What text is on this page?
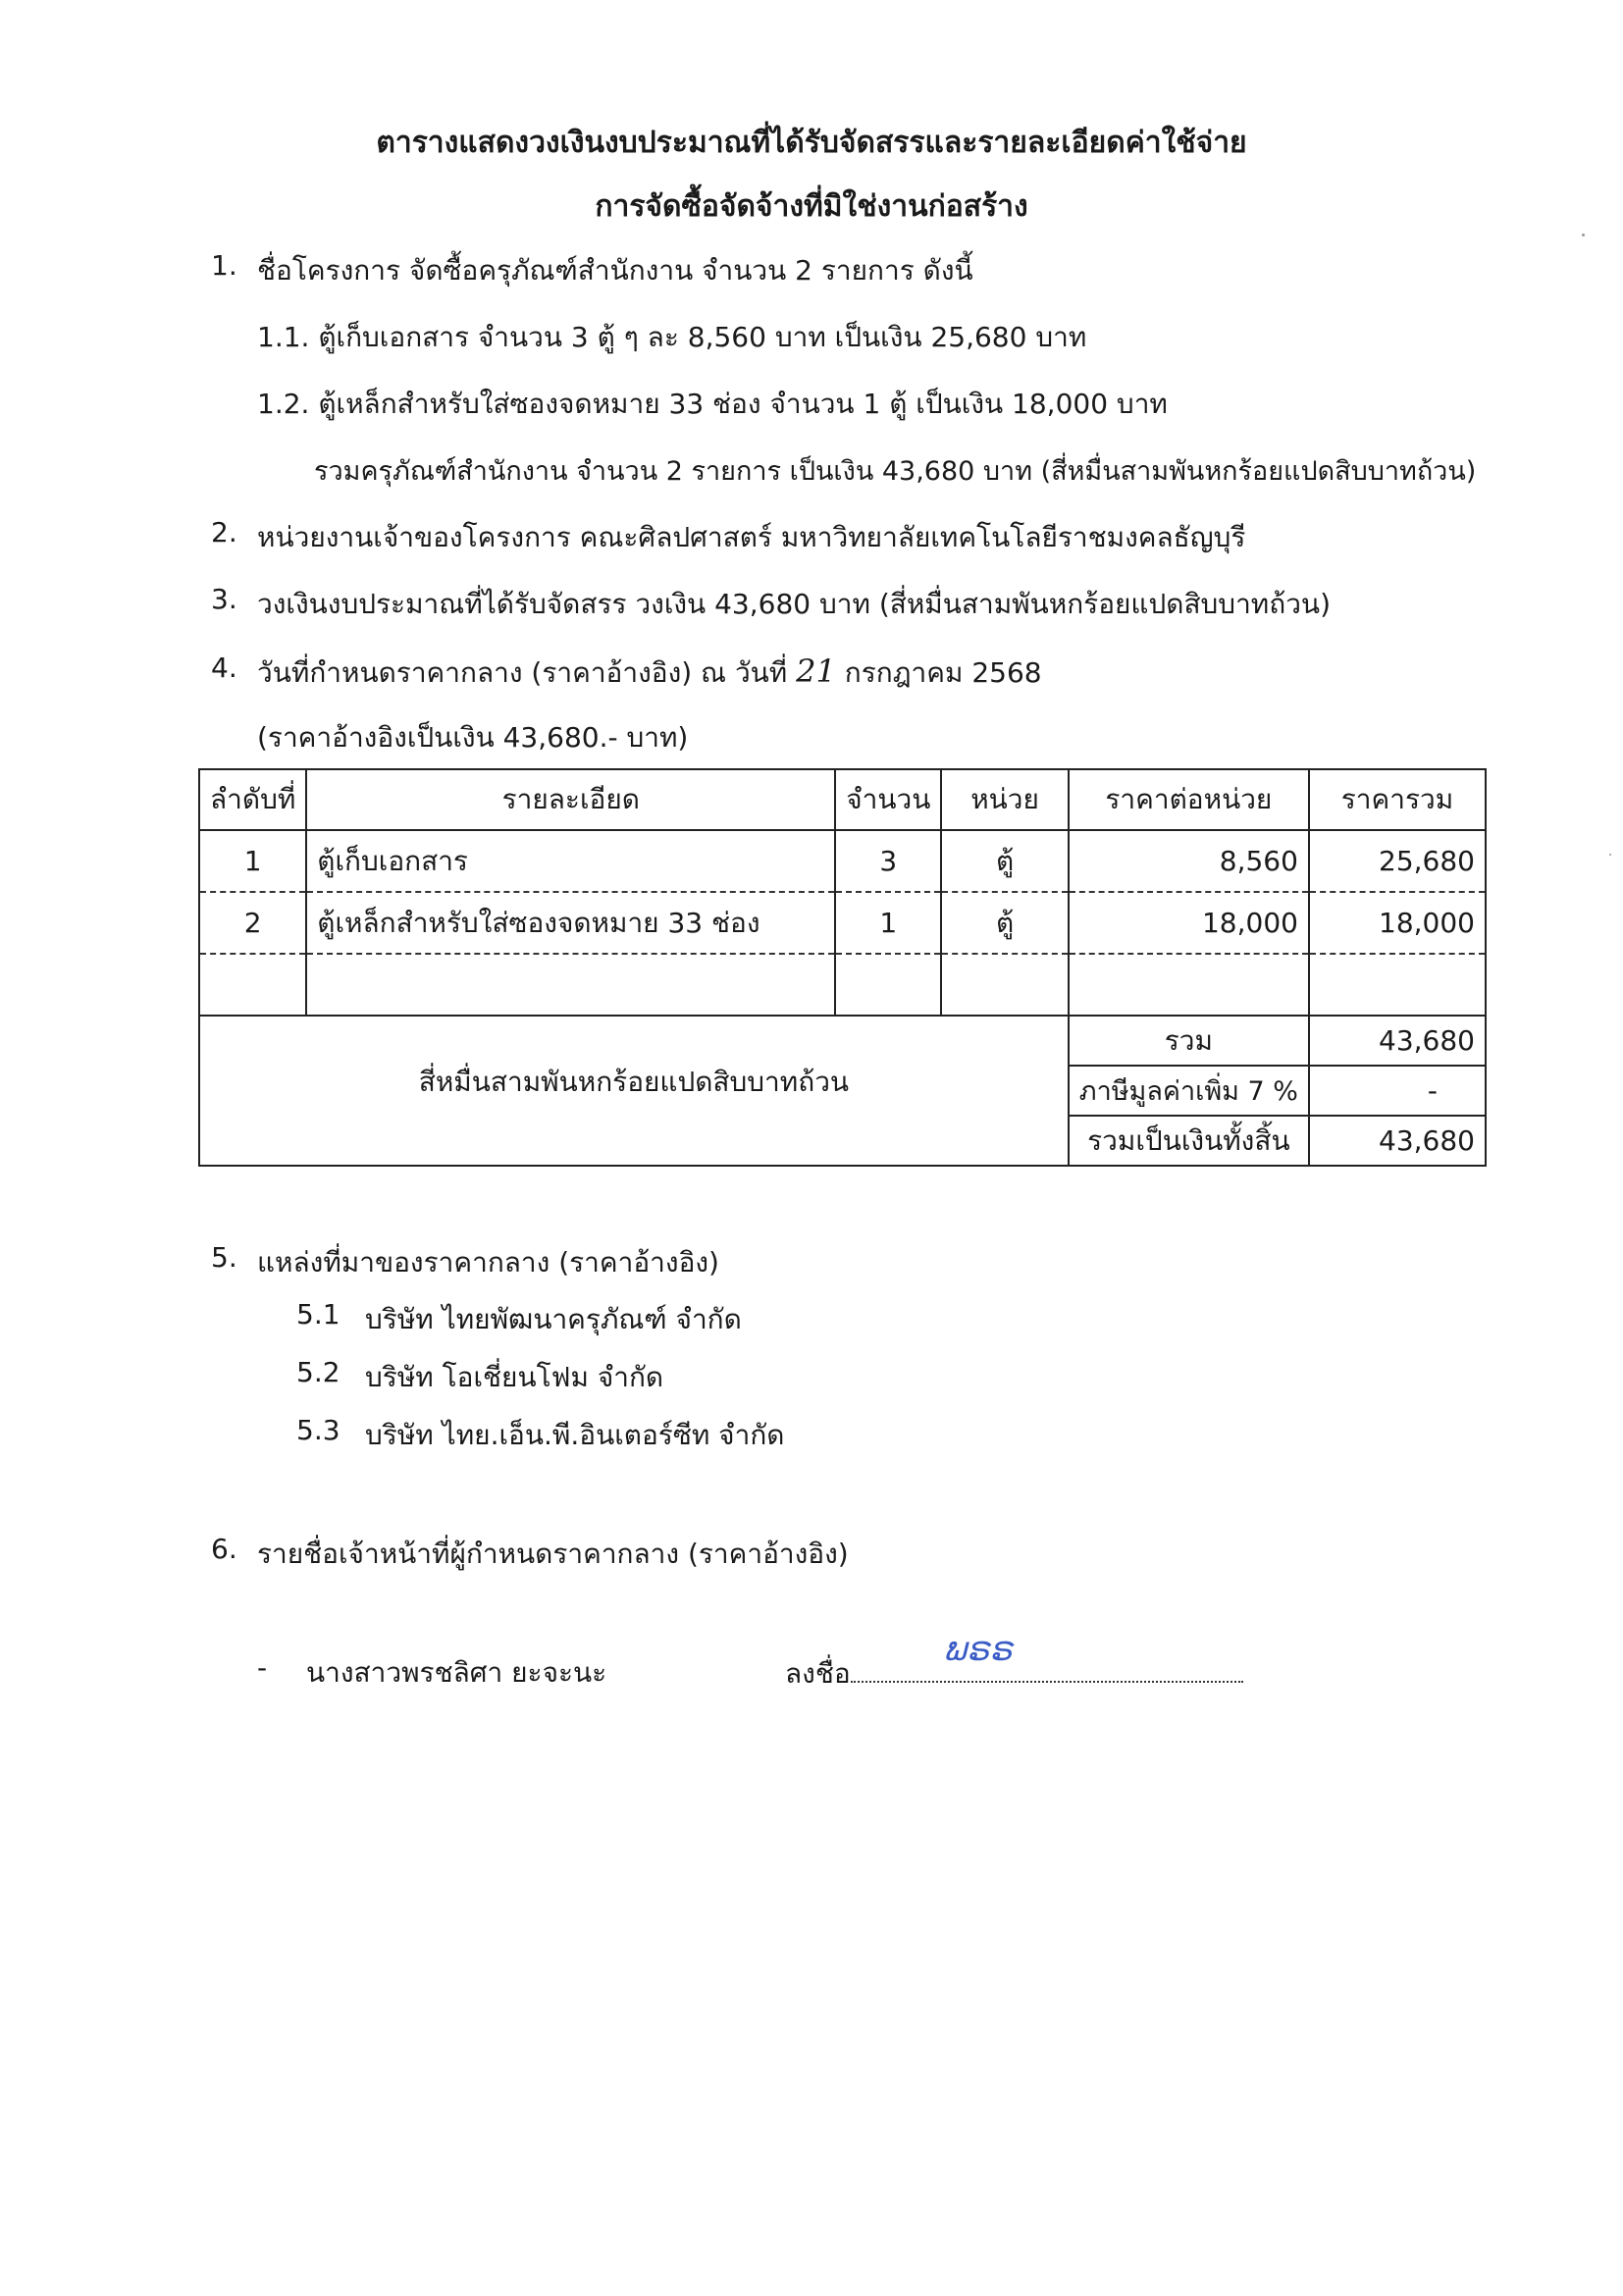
ตารางแสดงวงเงินงบประมาณที่ได้รับจัดสรรและรายละเอียดค่าใช้จ่าย
การจัดซื้อจัดจ้างที่มิใช่งานก่อสร้าง
1. ชื่อโครงการ จัดซื้อครุภัณฑ์สำนักงาน จำนวน 2 รายการ ดังนี้
1.1. ตู้เก็บเอกสาร จำนวน 3 ตู้ ๆ ละ 8,560 บาท เป็นเงิน 25,680 บาท
1.2. ตู้เหล็กสำหรับใส่ซองจดหมาย 33 ช่อง จำนวน 1 ตู้ เป็นเงิน 18,000 บาท
รวมครุภัณฑ์สำนักงาน จำนวน 2 รายการ เป็นเงิน 43,680 บาท (สี่หมื่นสามพันหกร้อยแปดสิบบาทถ้วน)
2. หน่วยงานเจ้าของโครงการ คณะศิลปศาสตร์ มหาวิทยาลัยเทคโนโลยีราชมงคลธัญบุรี
3. วงเงินงบประมาณที่ได้รับจัดสรร วงเงิน 43,680 บาท (สี่หมื่นสามพันหกร้อยแปดสิบบาทถ้วน)
4. วันที่กำหนดราคากลาง (ราคาอ้างอิง) ณ วันที่ 21 กรกฎาคม 2568
(ราคาอ้างอิงเป็นเงิน 43,680.- บาท)
ลำดับที่	รายละเอียด	จำนวน	หน่วย	ราคาต่อหน่วย	ราคารวม
1	ตู้เก็บเอกสาร	3	ตู้	8,560	25,680
2	ตู้เหล็กสำหรับใส่ซองจดหมาย 33 ช่อง	1	ตู้	18,000	18,000

สี่หมื่นสามพันหกร้อยแปดสิบบาทถ้วน				รวม	43,680
				ภาษีมูลค่าเพิ่ม 7 %	-
				รวมเป็นเงินทั้งสิ้น	43,680
5. แหล่งที่มาของราคากลาง (ราคาอ้างอิง)
5.1 บริษัท ไทยพัฒนาครุภัณฑ์ จำกัด
5.2 บริษัท โอเชี่ยนโฟม จำกัด
5.3 บริษัท ไทย.เอ็น.พี.อินเตอร์ซีท จำกัด
6. รายชื่อเจ้าหน้าที่ผู้กำหนดราคากลาง (ราคาอ้างอิง)
- นางสาวพรชลิศา ยะจะนะ	ลงชื่อ
ພຣຣ
